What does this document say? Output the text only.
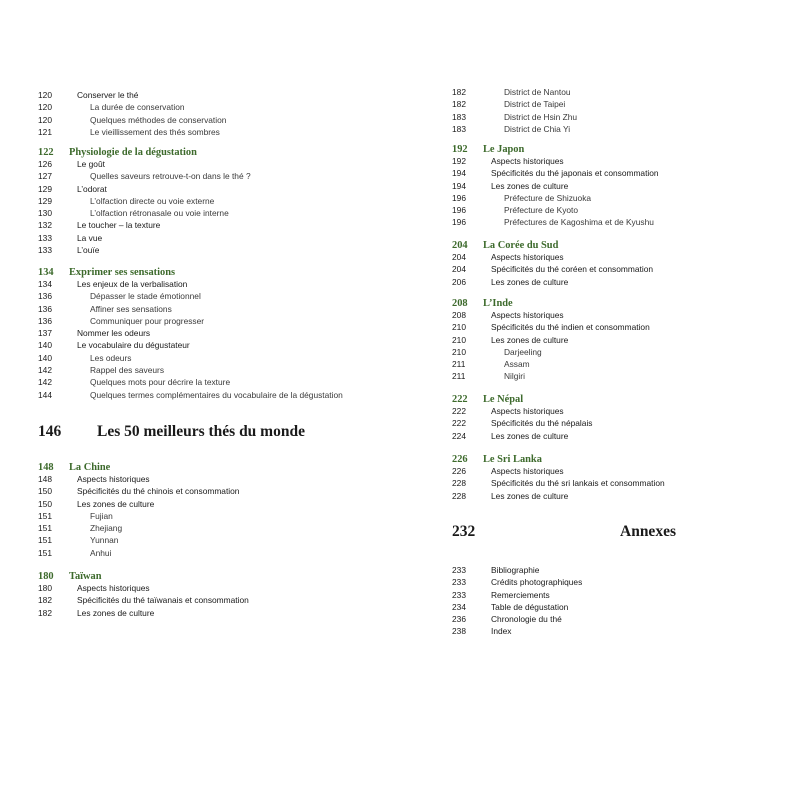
120	Conserver le thé
120	La durée de conservation
120	Quelques méthodes de conservation
121	Le vieillissement des thés sombres
122 Physiologie de la dégustation
126	Le goût
127	Quelles saveurs retrouve-t-on dans le thé ?
129	L’odorat
129	L’olfaction directe ou voie externe
130	L’olfaction rétronasale ou voie interne
132	Le toucher – la texture
133	La vue
133	L’ouïe
134 Exprimer ses sensations
134	Les enjeux de la verbalisation
136	Dépasser le stade émotionnel
136	Affiner ses sensations
136	Communiquer pour progresser
137	Nommer les odeurs
140	Le vocabulaire du dégustateur
140	Les odeurs
142	Rappel des saveurs
142	Quelques mots pour décrire la texture
144	Quelques termes complémentaires du vocabulaire de la dégustation
146 Les 50 meilleurs thés du monde
148 La Chine
148	Aspects historiques
150	Spécificités du thé chinois et consommation
150	Les zones de culture
151	Fujian
151	Zhejiang
151	Yunnan
151	Anhui
180 Taïwan
180	Aspects historiques
182	Spécificités du thé taïwanais et consommation
182	Les zones de culture
182	District de Nantou
182	District de Taipei
183	District de Hsin Zhu
183	District de Chia Yi
192 Le Japon
192	Aspects historiques
194	Spécificités du thé japonais et consommation
194	Les zones de culture
196	Préfecture de Shizuoka
196	Préfecture de Kyoto
196	Préfectures de Kagoshima et de Kyushu
204 La Corée du Sud
204	Aspects historiques
204	Spécificités du thé coréen et consommation
206	Les zones de culture
208 L’Inde
208	Aspects historiques
210	Spécificités du thé indien et consommation
210	Les zones de culture
210	Darjeeling
211	Assam
211	Nilgiri
222 Le Népal
222	Aspects historiques
222	Spécificités du thé népalais
224	Les zones de culture
226 Le Sri Lanka
226	Aspects historiques
228	Spécificités du thé sri lankais et consommation
228	Les zones de culture
232	Annexes
233	Bibliographie
233	Crédits photographiques
233	Remerciements
234	Table de dégustation
236	Chronologie du thé
238	Index
